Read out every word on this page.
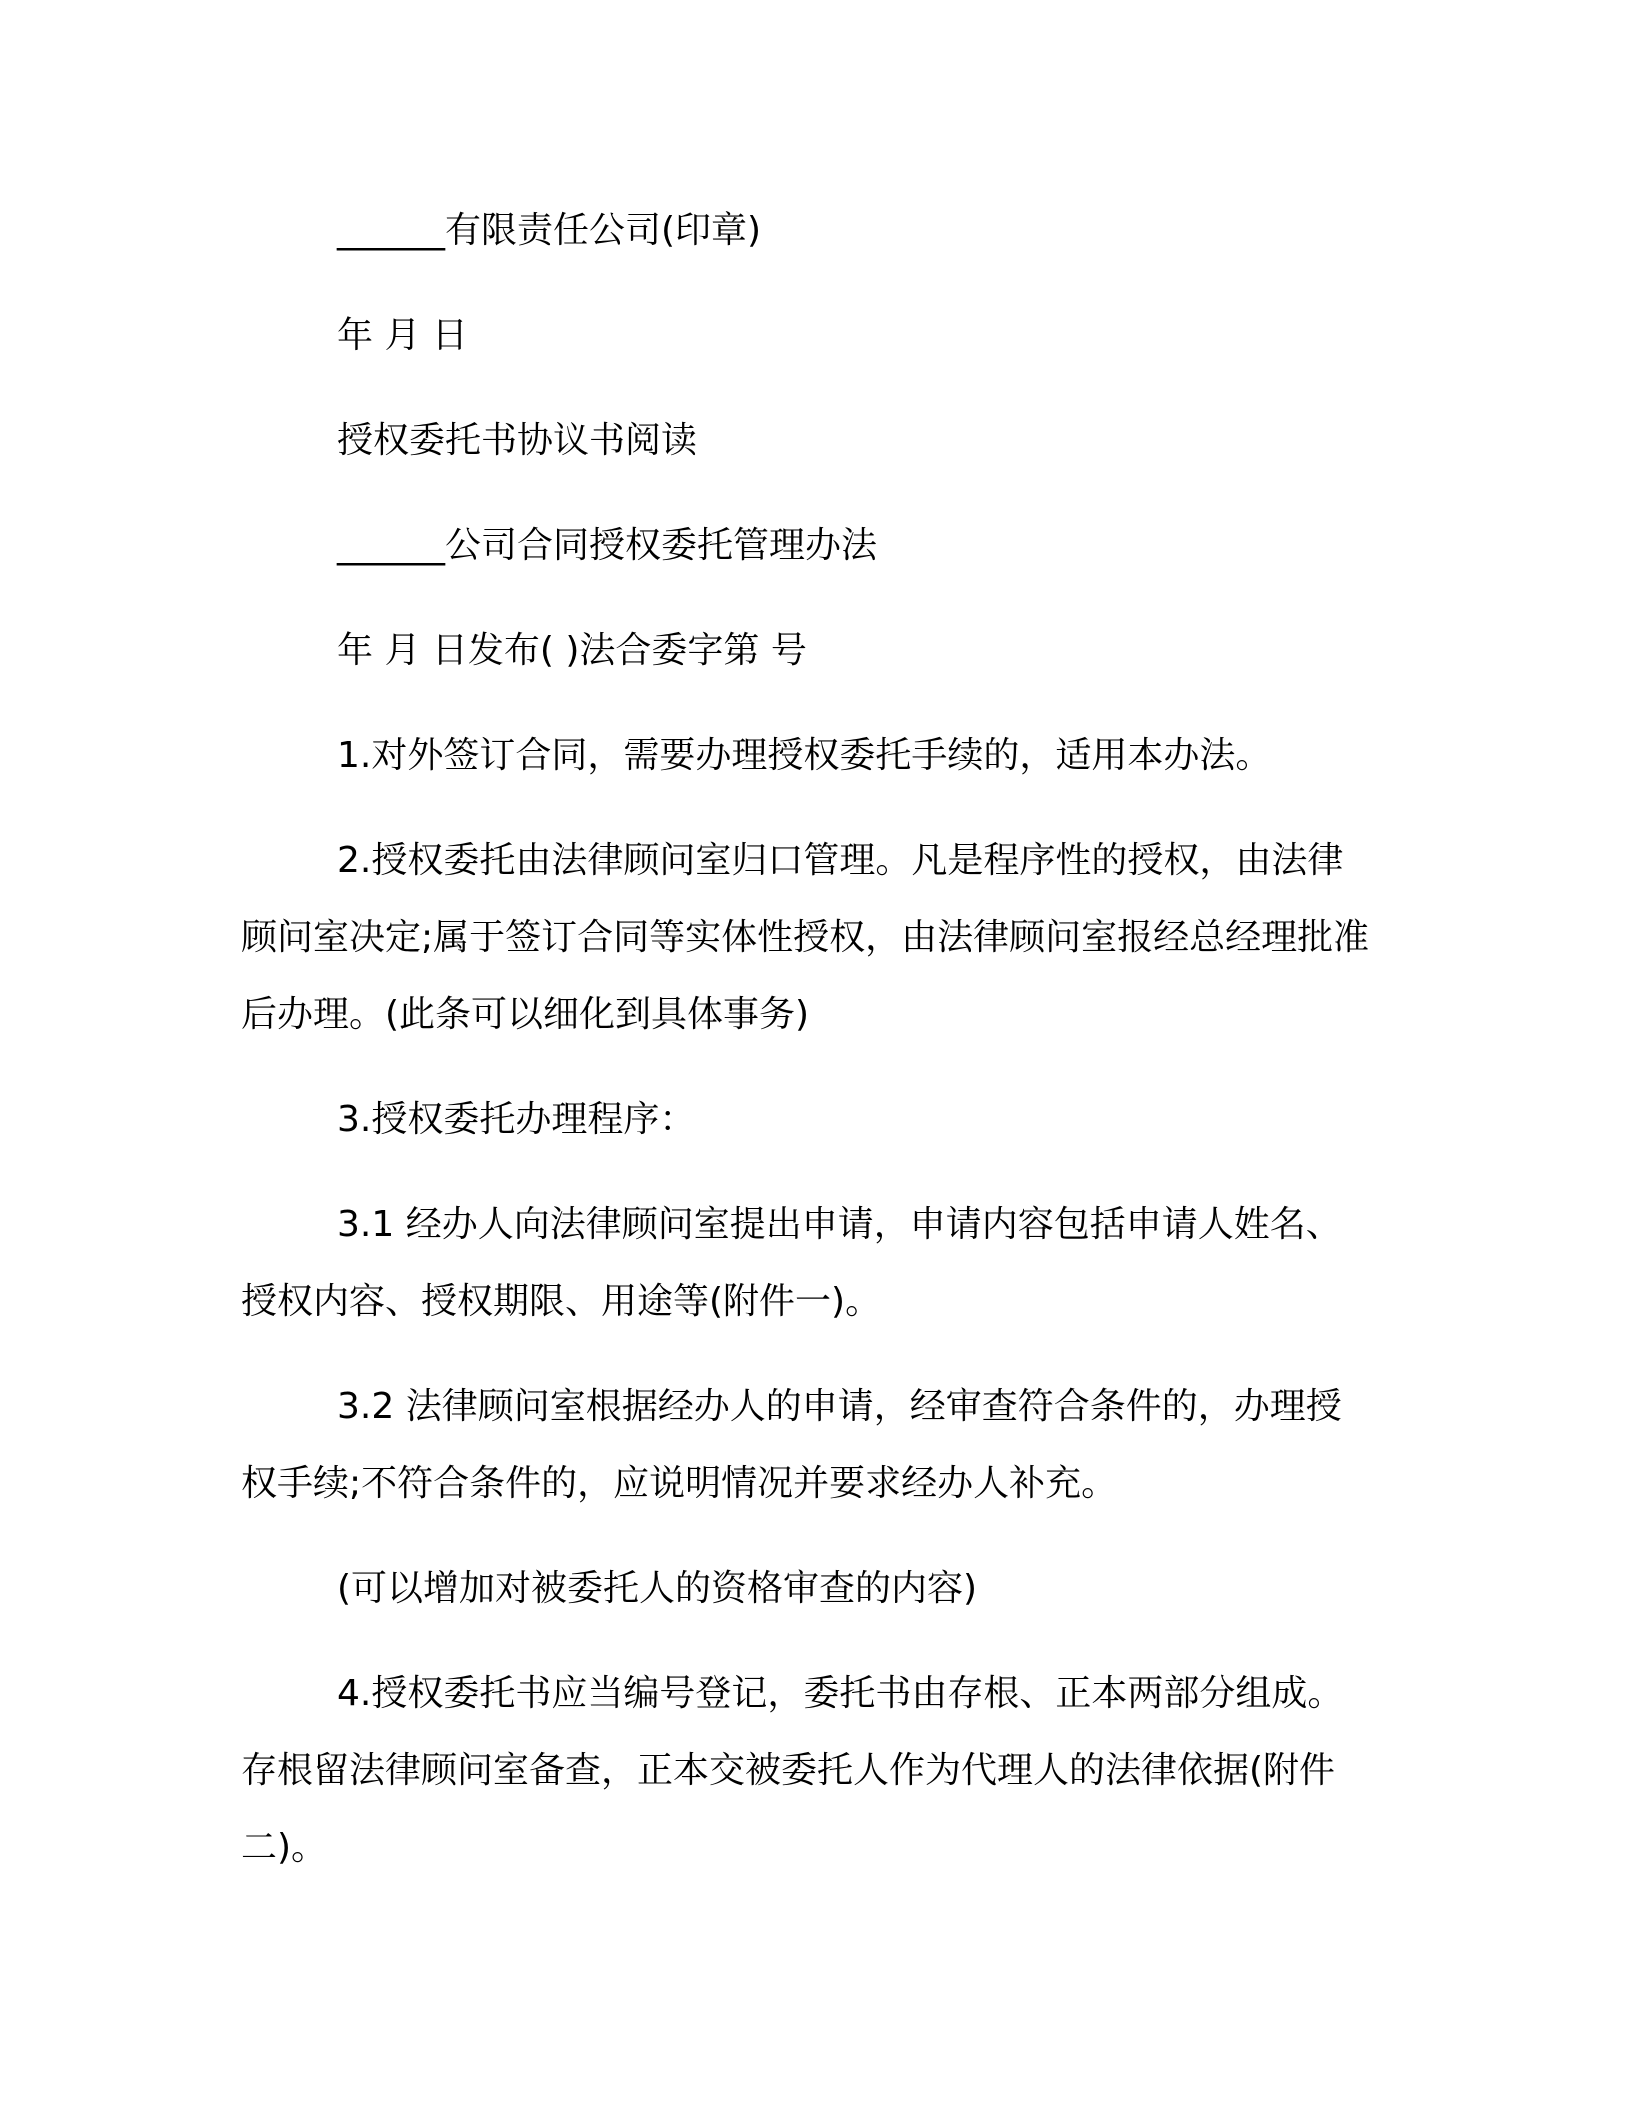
______有限责任公司(印章)

年 月 日

授权委托书协议书阅读

______公司合同授权委托管理办法

年 月 日发布( )法合委字第 号

1.对外签订合同，需要办理授权委托手续的，适用本办法。

2.授权委托由法律顾问室归口管理。凡是程序性的授权，由法律顾问室决定;属于签订合同等实体性授权，由法律顾问室报经总经理批准后办理。(此条可以细化到具体事务)

3.授权委托办理程序：

3.1 经办人向法律顾问室提出申请，申请内容包括申请人姓名、授权内容、授权期限、用途等(附件一)。

3.2 法律顾问室根据经办人的申请，经审查符合条件的，办理授权手续;不符合条件的，应说明情况并要求经办人补充。

(可以增加对被委托人的资格审查的内容)

4.授权委托书应当编号登记，委托书由存根、正本两部分组成。存根留法律顾问室备查，正本交被委托人作为代理人的法律依据(附件二)。
